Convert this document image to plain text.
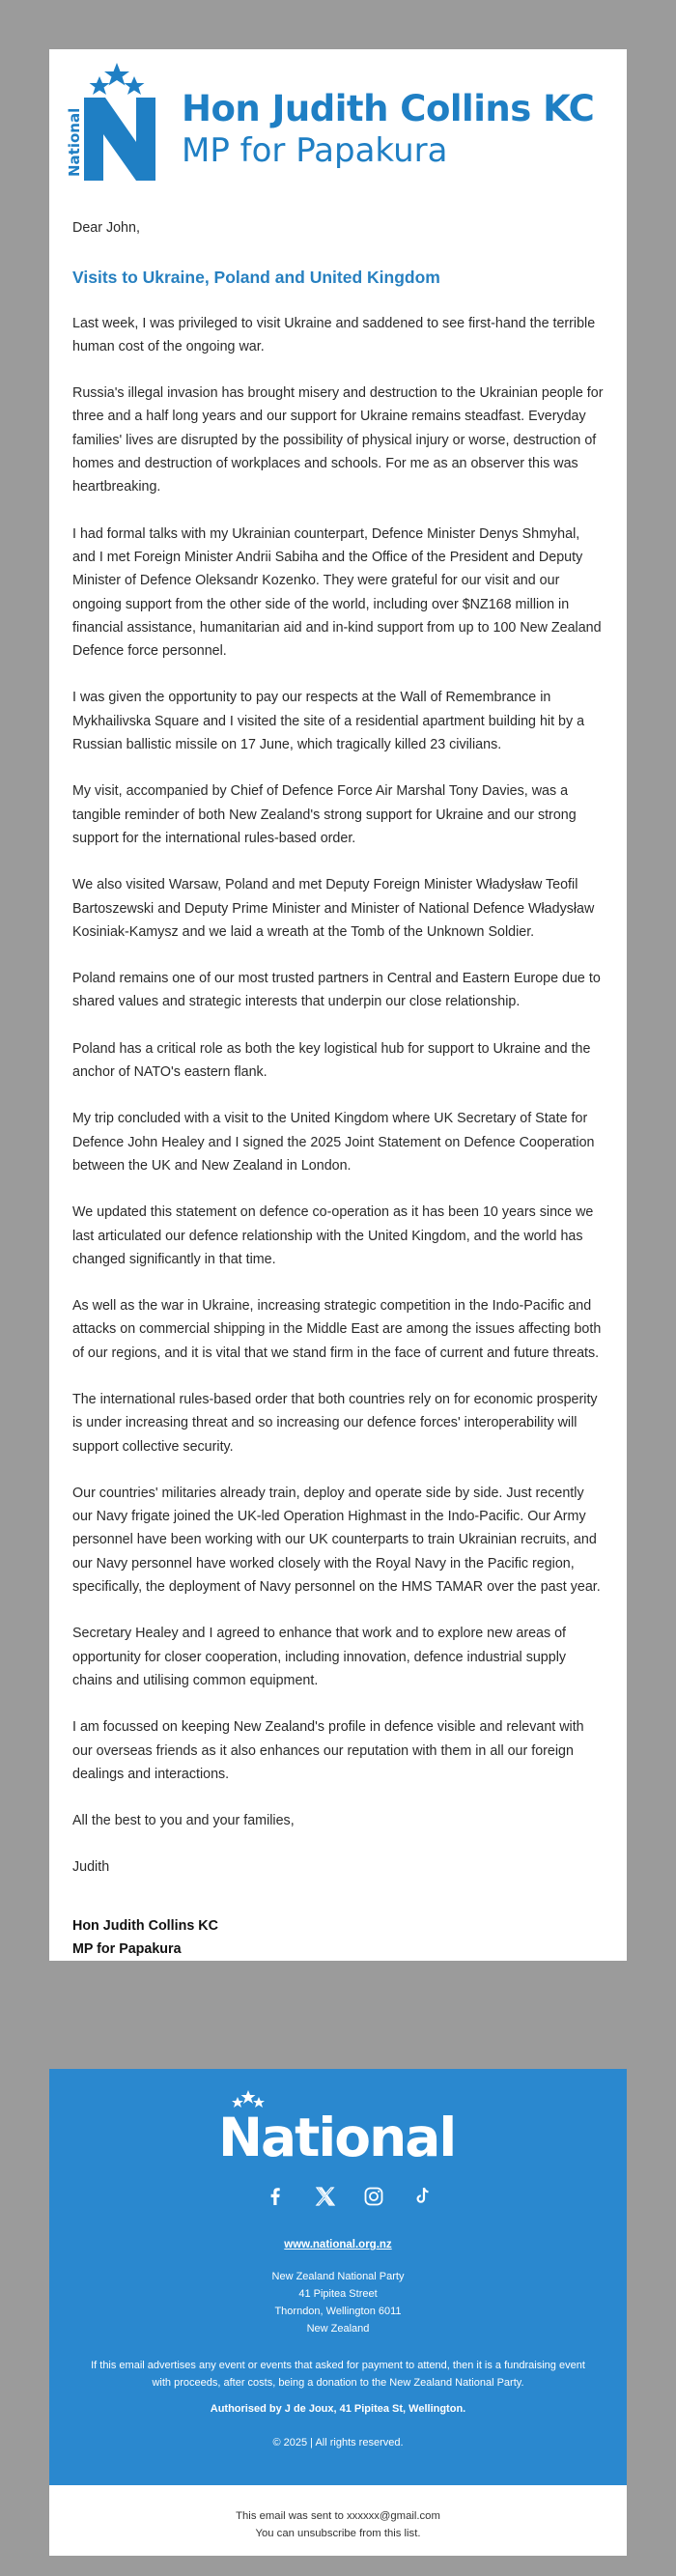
National	Hon Judith Collins KC
MP for Papakura

Dear John,

Visits to Ukraine, Poland and United Kingdom

Last week, I was privileged to visit Ukraine and saddened to see first-hand the terrible human cost of the ongoing war.

Russia's illegal invasion has brought misery and destruction to the Ukrainian people for three and a half long years and our support for Ukraine remains steadfast. Everyday families' lives are disrupted by the possibility of physical injury or worse, destruction of homes and destruction of workplaces and schools. For me as an observer this was heartbreaking.

I had formal talks with my Ukrainian counterpart, Defence Minister Denys Shmyhal, and I met Foreign Minister Andrii Sabiha and the Office of the President and Deputy Minister of Defence Oleksandr Kozenko. They were grateful for our visit and our ongoing support from the other side of the world, including over $NZ168 million in financial assistance, humanitarian aid and in-kind support from up to 100 New Zealand Defence force personnel.

I was given the opportunity to pay our respects at the Wall of Remembrance in Mykhailivska Square and I visited the site of a residential apartment building hit by a Russian ballistic missile on 17 June, which tragically killed 23 civilians.

My visit, accompanied by Chief of Defence Force Air Marshal Tony Davies, was a tangible reminder of both New Zealand's strong support for Ukraine and our strong support for the international rules-based order.

We also visited Warsaw, Poland and met Deputy Foreign Minister Władysław Teofil Bartoszewski and Deputy Prime Minister and Minister of National Defence Władysław Kosiniak-Kamysz and we laid a wreath at the Tomb of the Unknown Soldier.

Poland remains one of our most trusted partners in Central and Eastern Europe due to shared values and strategic interests that underpin our close relationship.

Poland has a critical role as both the key logistical hub for support to Ukraine and the anchor of NATO's eastern flank.

My trip concluded with a visit to the United Kingdom where UK Secretary of State for Defence John Healey and I signed the 2025 Joint Statement on Defence Cooperation between the UK and New Zealand in London.

We updated this statement on defence co-operation as it has been 10 years since we last articulated our defence relationship with the United Kingdom, and the world has changed significantly in that time.

As well as the war in Ukraine, increasing strategic competition in the Indo-Pacific and attacks on commercial shipping in the Middle East are among the issues affecting both of our regions, and it is vital that we stand firm in the face of current and future threats.

The international rules-based order that both countries rely on for economic prosperity is under increasing threat and so increasing our defence forces' interoperability will support collective security.

Our countries' militaries already train, deploy and operate side by side. Just recently our Navy frigate joined the UK-led Operation Highmast in the Indo-Pacific. Our Army personnel have been working with our UK counterparts to train Ukrainian recruits, and our Navy personnel have worked closely with the Royal Navy in the Pacific region, specifically, the deployment of Navy personnel on the HMS TAMAR over the past year.

Secretary Healey and I agreed to enhance that work and to explore new areas of opportunity for closer cooperation, including innovation, defence industrial supply chains and utilising common equipment.

I am focussed on keeping New Zealand's profile in defence visible and relevant with our overseas friends as it also enhances our reputation with them in all our foreign dealings and interactions.

All the best to you and your families,

Judith

Hon Judith Collins KC

MP for Papakura

National
www.national.org.nz
New Zealand National Party
41 Pipitea Street
Thorndon, Wellington 6011
New Zealand
If this email advertises any event or events that asked for payment to attend, then it is a fundraising event with proceeds, after costs, being a donation to the New Zealand National Party.
Authorised by J de Joux, 41 Pipitea St, Wellington.
© 2025 | All rights reserved.
This email was sent to xxxxxx@gmail.com
You can unsubscribe from this list.
